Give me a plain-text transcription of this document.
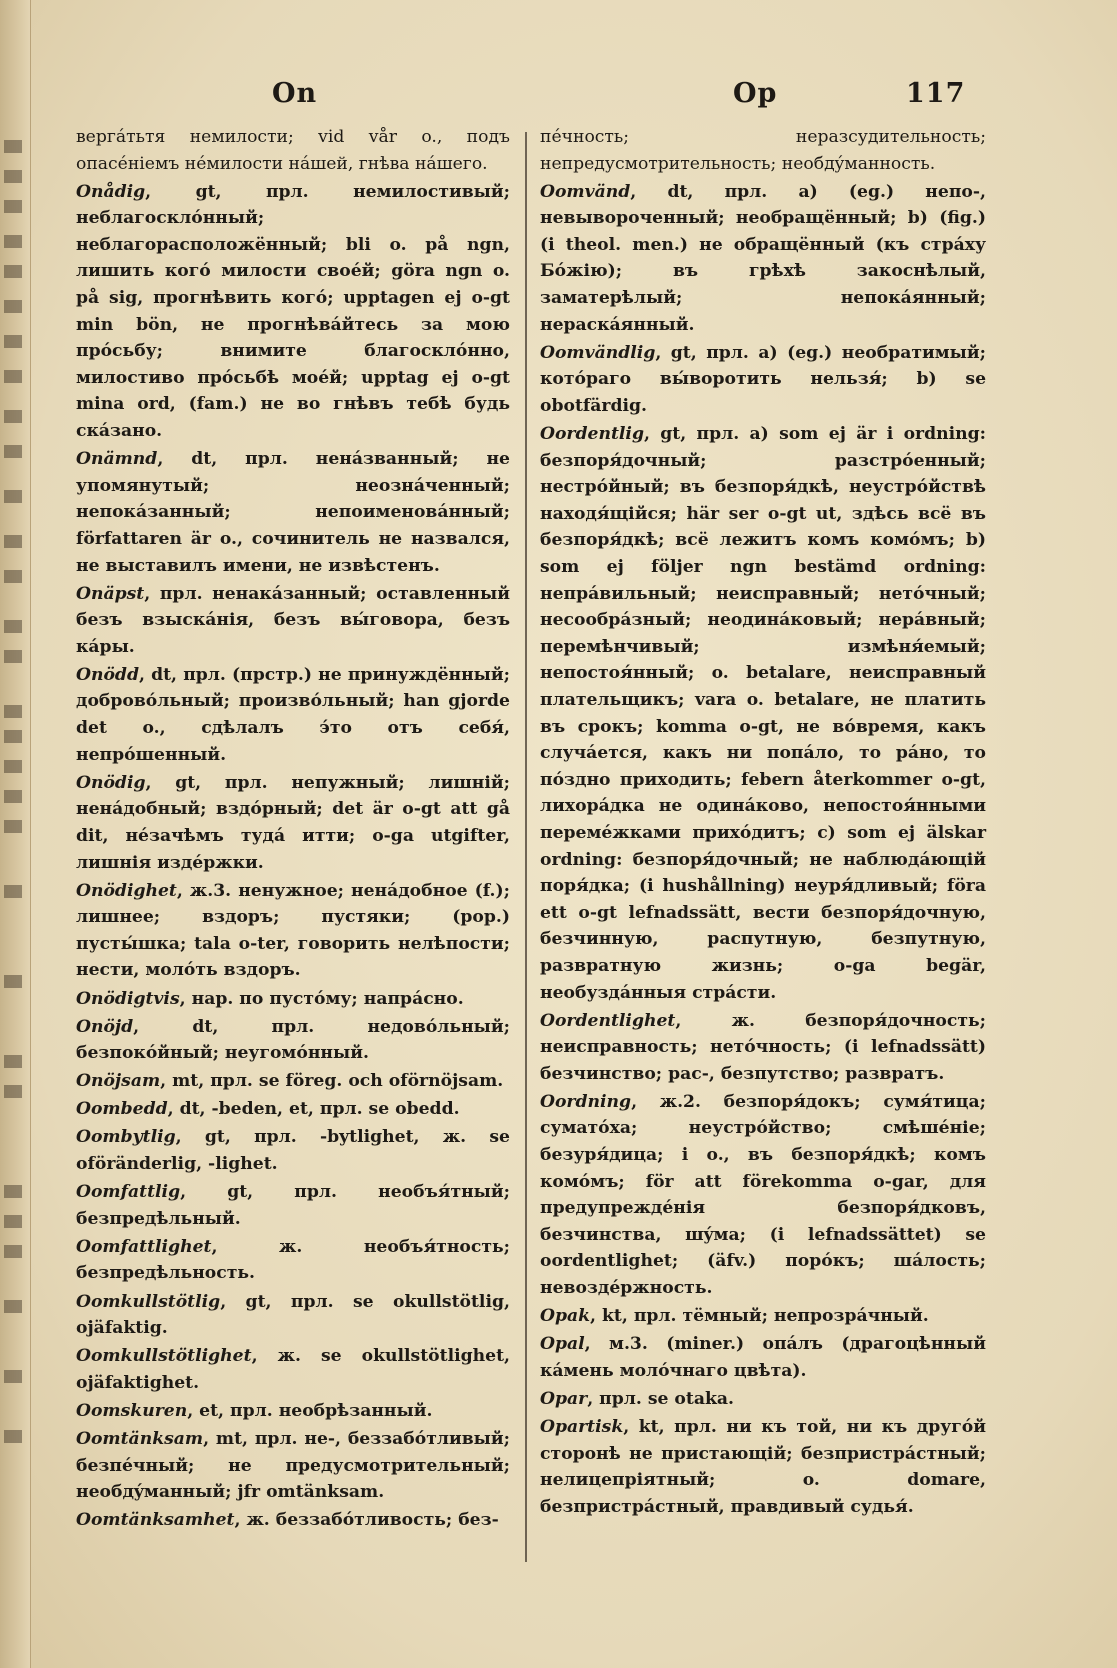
On	Op	117

вергáтьтя немилости; vid vår o., подъ опасéніемъ нéмилости нáшей, гнѣва нáшего.

Onådig, gt, прл. немилостивый; неблагосклóнный; неблагорасположённый; bli o. på ngn, лишить когó милости своéй; göra ngn o. på sig, прогнѣвить когó; upptagen ej o-gt min bön, не прогнѣвáйтесь за мою прóсьбу; внимите благосклóнно, милостиво прóсьбѣ моéй; upptag ej o-gt mina ord, (fam.) не во гнѣвъ тебѣ будь скáзано.

Onämnd, dt, прл. ненáзванный; не упомянутый; неознáченный; непокáзанный; непоименовáнный; författaren är o., сочинитель не назвался, не выставилъ имени, не извѣстенъ.

Onäpst, прл. ненакáзанный; оставленный безъ взыскáнія, безъ вы́говора, безъ кáры.

Onödd, dt, прл. (прстр.) не принуждённый; доброво́льный; произво́льный; han gjorde det o., сдѣлалъ э́то отъ себя́, непрóшенный.

Onödig, gt, прл. непужный; лишній; ненáдобный; вздóрный; det är o-gt att gå dit, нéзачѣмъ тудá итти; o-ga utgifter, лишнія издéржки.

Onödighet, ж.3. ненужное; ненáдобное (f.); лишнее; вздоръ; пустяки; (pop.) пусты́шка; tala o-ter, говорить нелѣпости; нести, молóть вздоръ.

Onödigtvis, нар. по пустóму; напрáсно.

Onöjd, dt, прл. недовóльный; безпокóйный; неугомóнный.

Onöjsam, mt, прл. se föreg. och oförnöjsam.

Oombedd, dt, -beden, et, прл. se obedd.

Oombytlig, gt, прл. -bytlighet, ж. se oföränderlig, -lighet.

Oomfattlig, gt, прл. необъя́тный; безпредѣльный.

Oomfattlighet, ж. необъя́тность; безпредѣльность.

Oomkullstötlig, gt, прл. se okullstötlig, ojäfaktig.

Oomkullstötlighet, ж. se okullstötlighet, ojäfaktighet.

Oomskuren, et, прл. необрѣзанный.

Oomtänksam, mt, прл. не-, беззабóтливый; безпéчный; не предусмотрительный; необдýманный; jfr omtänksam.

Oomtänksamhet, ж. беззабóтливость; без-

пéчность; неразсудительность; непредусмотрительность; необдýманность.

Oomvänd, dt, прл. a) (eg.) непо-, невывороченный; необращённый; b) (fig.) (i theol. men.) не обращённый (къ стрáху Бóжію); въ грѣхѣ закоснѣлый, заматерѣлый; непокáянный; нераскáянный.

Oomvändlig, gt, прл. a) (eg.) необратимый; котóраго вы́воротить нельзя́; b) se obotfärdig.

Oordentlig, gt, прл. a) som ej är i ordning: безпоря́дочный; разстрóенный; нестрóйный; въ безпоря́дкѣ, неустрóйствѣ находя́щійся; här ser o-gt ut, здѣсь всё въ безпоря́дкѣ; всё лежитъ комъ комóмъ; b) som ej följer ngn bestämd ordning: непрáвильный; неисправный; нетóчный; несообрáзный; неодинáковый; нерáвный; перемѣнчивый; измѣня́емый; непостоя́нный; o. betalare, неисправный плательщикъ; vara o. betalare, не платить въ срокъ; komma o-gt, не вóвремя, какъ случáется, какъ ни попáло, то рáно, то пóздно приходить; febern återkommer o-gt, лихорáдка не одинáково, непостоя́нными перемéжками прихóдитъ; c) som ej älskar ordning: безпоря́дочный; не наблюдáющій поря́дка; (i hushållning) неуря́дливый; föra ett o-gt lefnadssätt, вести безпоря́дочную, безчинную, распутную, безпутную, развратную жизнь; o-ga begär, необуздáнныя стрáсти.

Oordentlighet, ж. безпоря́дочность; неисправность; нетóчность; (i lefnadssätt) безчинство; рас-, безпутство; развратъ.

Oordning, ж.2. безпоря́докъ; сумя́тица; суматóха; неустрóйство; смѣшéніе; безуря́дица; i o., въ безпоря́дкѣ; комъ комóмъ; för att förekomma o-gar, для предупреждéнія безпоря́дковъ, безчинства, шýма; (i lefnadssättet) se oordentlighet; (äfv.) порóкъ; шáлость; невоздéржность.

Opak, kt, прл. тёмный; непрозрáчный.

Opal, м.3. (miner.) опáлъ (драгоцѣнный кáмень молóчнаго цвѣта).

Opar, прл. se otaka.

Opartisk, kt, прл. ни къ той, ни къ другóй сторонѣ не пристающій; безпристрáстный; нелицепріятный; o. domare, безпристрáстный, правдивый судья́.
